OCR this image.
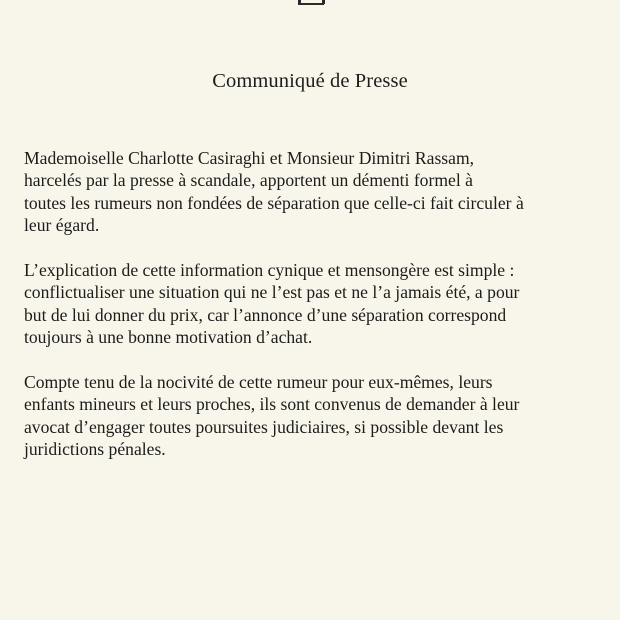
Communiqué de Presse

Mademoiselle Charlotte Casiraghi et Monsieur Dimitri Rassam,
harcelés par la presse à scandale, apportent un démenti formel à
toutes les rumeurs non fondées de séparation que celle-ci fait circuler à
leur égard.

L’explication de cette information cynique et mensongère est simple :
conflictualiser une situation qui ne l’est pas et ne l’a jamais été, a pour
but de lui donner du prix, car l’annonce d’une séparation correspond
toujours à une bonne motivation d’achat.

Compte tenu de la nocivité de cette rumeur pour eux-mêmes, leurs
enfants mineurs et leurs proches, ils sont convenus de demander à leur
avocat d’engager toutes poursuites judiciaires, si possible devant les
juridictions pénales.
